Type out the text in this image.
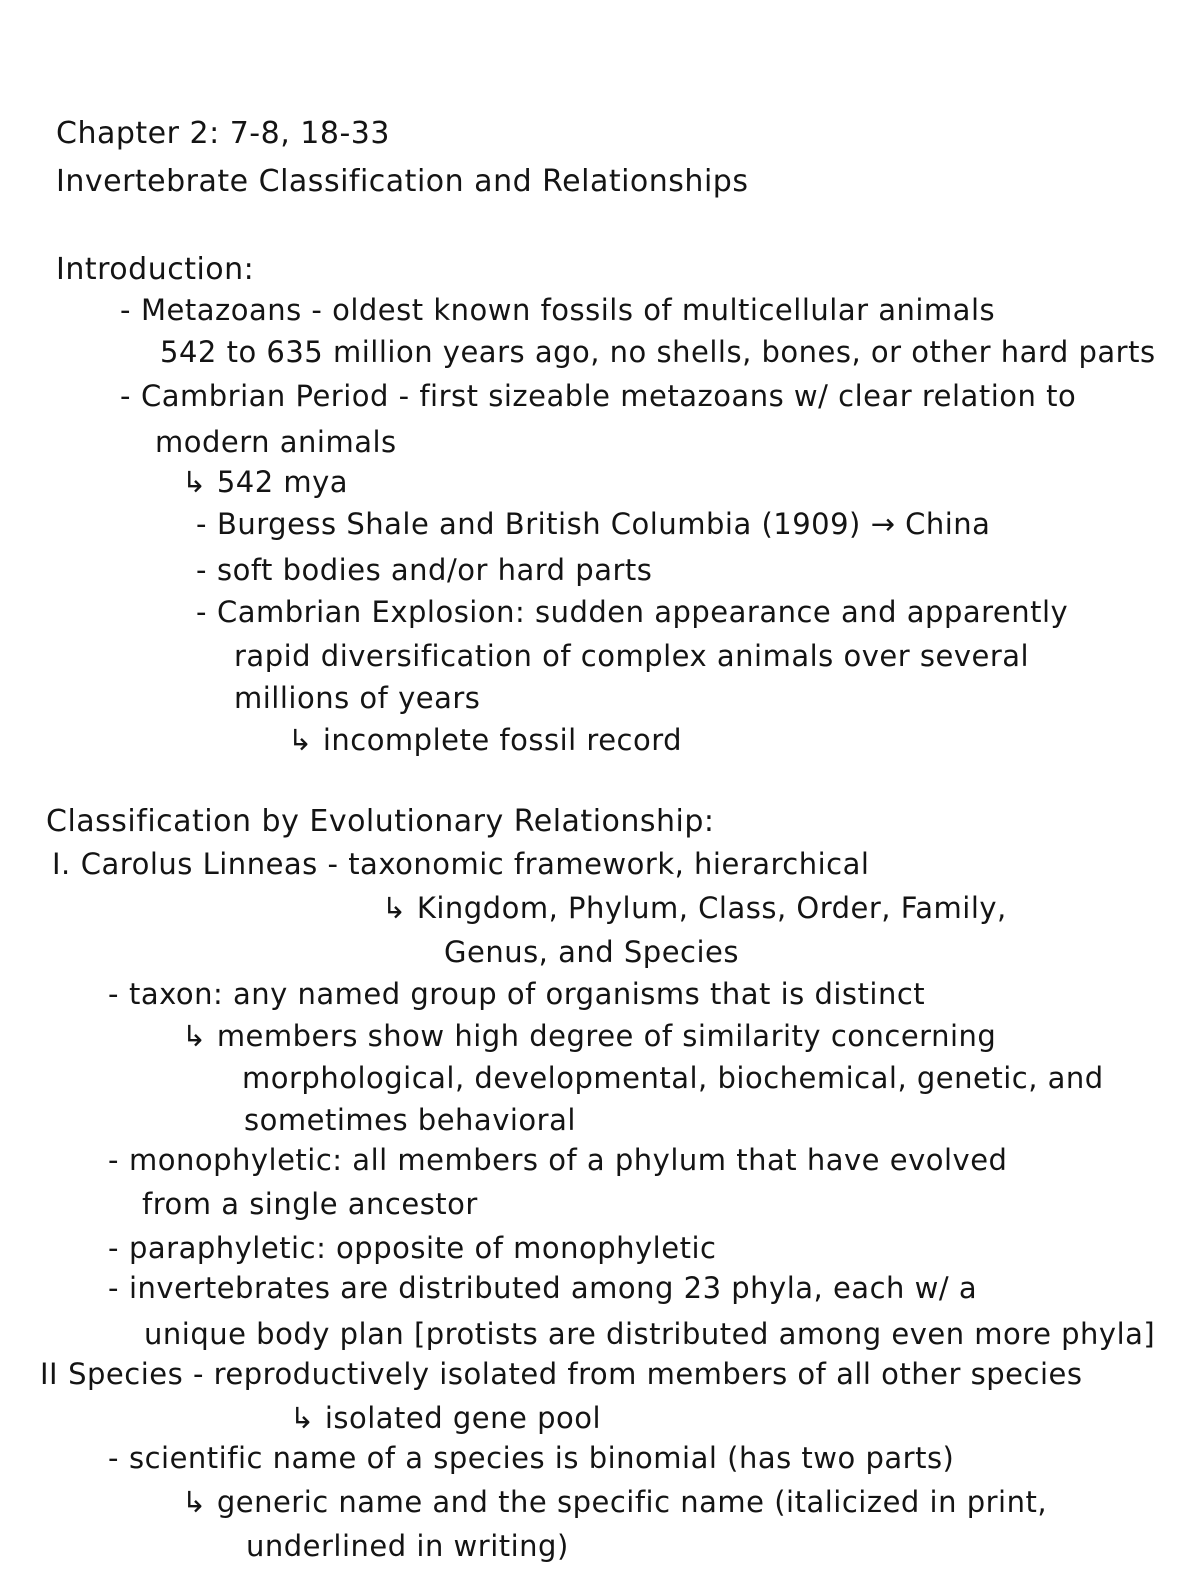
Chapter 2: 7-8, 18-33
Invertebrate Classification and Relationships
Introduction:
- Metazoans - oldest known fossils of multicellular animals
542 to 635 million years ago, no shells, bones, or other hard parts
- Cambrian Period - first sizeable metazoans w/ clear relation to
modern animals
↳ 542 mya
- Burgess Shale and British Columbia (1909) → China
- soft bodies and/or hard parts
- Cambrian Explosion: sudden appearance and apparently
rapid diversification of complex animals over several
millions of years
↳ incomplete fossil record
Classification by Evolutionary Relationship:
I. Carolus Linneas - taxonomic framework, hierarchical
↳ Kingdom, Phylum, Class, Order, Family,
Genus, and Species
- taxon: any named group of organisms that is distinct
↳ members show high degree of similarity concerning
morphological, developmental, biochemical, genetic, and
sometimes behavioral
- monophyletic: all members of a phylum that have evolved
from a single ancestor
- paraphyletic: opposite of monophyletic
- invertebrates are distributed among 23 phyla, each w/ a
unique body plan [protists are distributed among even more phyla]
II Species - reproductively isolated from members of all other species
↳ isolated gene pool
- scientific name of a species is binomial (has two parts)
↳ generic name and the specific name (italicized in print,
underlined in writing)
